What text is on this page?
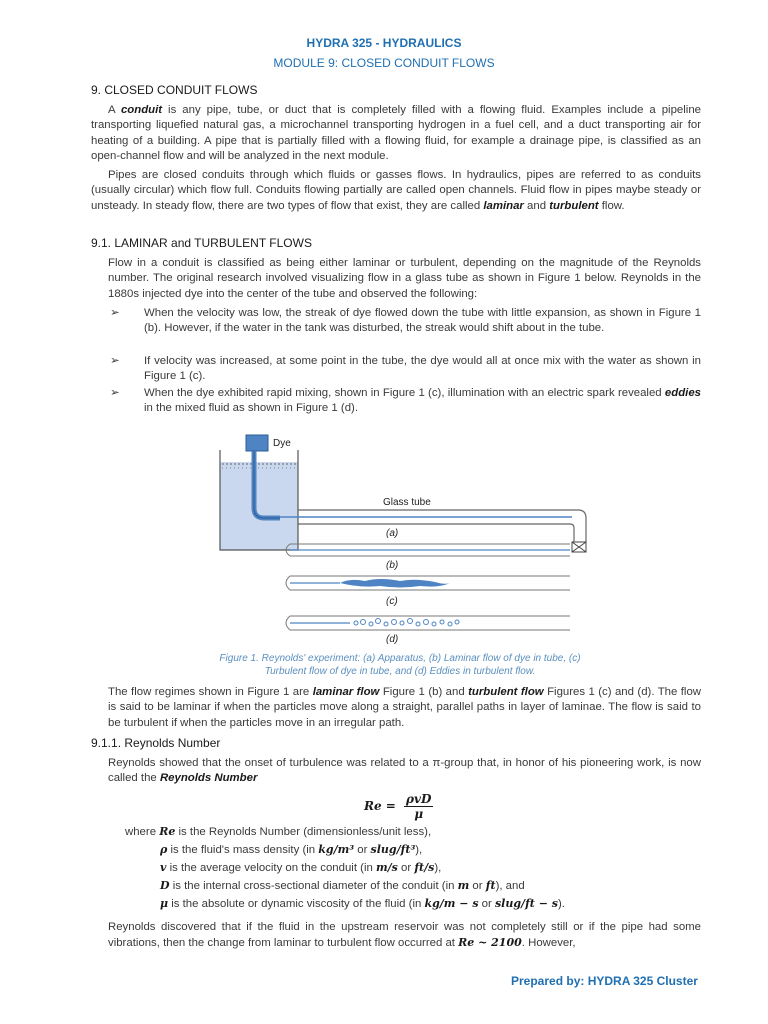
HYDRA 325 - HYDRAULICS
MODULE 9: CLOSED CONDUIT FLOWS
9. CLOSED CONDUIT FLOWS
A conduit is any pipe, tube, or duct that is completely filled with a flowing fluid. Examples include a pipeline transporting liquefied natural gas, a microchannel transporting hydrogen in a fuel cell, and a duct transporting air for heating of a building. A pipe that is partially filled with a flowing fluid, for example a drainage pipe, is classified as an open-channel flow and will be analyzed in the next module.
Pipes are closed conduits through which fluids or gasses flows. In hydraulics, pipes are referred to as conduits (usually circular) which flow full. Conduits flowing partially are called open channels. Fluid flow in pipes maybe steady or unsteady. In steady flow, there are two types of flow that exist, they are called laminar and turbulent flow.
9.1. LAMINAR and TURBULENT FLOWS
Flow in a conduit is classified as being either laminar or turbulent, depending on the magnitude of the Reynolds number. The original research involved visualizing flow in a glass tube as shown in Figure 1 below. Reynolds in the 1880s injected dye into the center of the tube and observed the following:
➢	When the velocity was low, the streak of dye flowed down the tube with little expansion, as shown in Figure 1 (b). However, if the water in the tank was disturbed, the streak would shift about in the tube.
➢	If velocity was increased, at some point in the tube, the dye would all at once mix with the water as shown in Figure 1 (c).
➢	When the dye exhibited rapid mixing, shown in Figure 1 (c), illumination with an electric spark revealed eddies in the mixed fluid as shown in Figure 1 (d).
Dye
Glass tube
(a)
(b)
(c)
(d)
Figure 1. Reynolds' experiment: (a) Apparatus, (b) Laminar flow of dye in tube, (c) Turbulent flow of dye in tube, and (d) Eddies in turbulent flow.
The flow regimes shown in Figure 1 are laminar flow Figure 1 (b) and turbulent flow Figures 1 (c) and (d). The flow is said to be laminar if when the particles move along a straight, parallel paths in layer of laminae. The flow is said to be turbulent if when the particles move in an irregular path.
9.1.1. Reynolds Number
Reynolds showed that the onset of turbulence was related to a π-group that, in honor of his pioneering work, is now called the Reynolds Number
$Re = \frac{\text{ρvD}}{\mu}$
where Re is the Reynolds Number (dimensionless/unit less),
ρ is the fluid's mass density (in kg/m³ or slug/ft³),
v is the average velocity on the conduit (in m/s or ft/s),
D is the internal cross-sectional diameter of the conduit (in m or ft), and
μ is the absolute or dynamic viscosity of the fluid (in kg/m − s or slug/ft − s).
Reynolds discovered that if the fluid in the upstream reservoir was not completely still or if the pipe had some vibrations, then the change from laminar to turbulent flow occurred at Re ~ 2100. However,
Prepared by: HYDRA 325 Cluster
